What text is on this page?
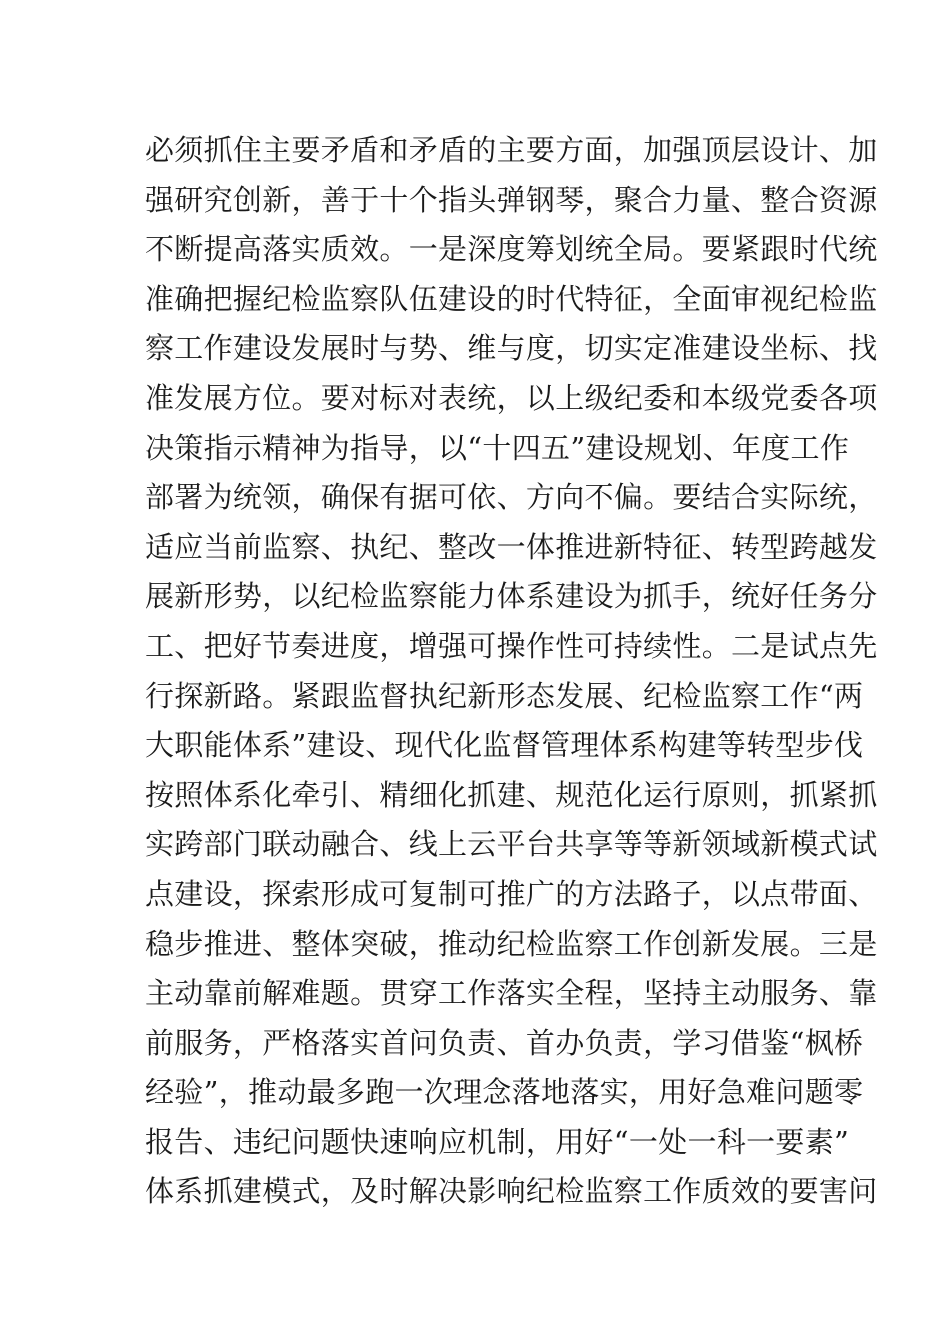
必须抓住主要矛盾和矛盾的主要方面，加强顶层设计、加
强研究创新，善于十个指头弹钢琴，聚合力量、整合资源
不断提高落实质效。一是深度筹划统全局。要紧跟时代统
准确把握纪检监察队伍建设的时代特征，全面审视纪检监
察工作建设发展时与势、维与度，切实定准建设坐标、找
准发展方位。要对标对表统，以上级纪委和本级党委各项
决策指示精神为指导，以“十四五”建设规划、年度工作
部署为统领，确保有据可依、方向不偏。要结合实际统，
适应当前监察、执纪、整改一体推进新特征、转型跨越发
展新形势，以纪检监察能力体系建设为抓手，统好任务分
工、把好节奏进度，增强可操作性可持续性。二是试点先
行探新路。紧跟监督执纪新形态发展、纪检监察工作“两
大职能体系”建设、现代化监督管理体系构建等转型步伐
按照体系化牵引、精细化抓建、规范化运行原则，抓紧抓
实跨部门联动融合、线上云平台共享等等新领域新模式试
点建设，探索形成可复制可推广的方法路子，以点带面、
稳步推进、整体突破，推动纪检监察工作创新发展。三是
主动靠前解难题。贯穿工作落实全程，坚持主动服务、靠
前服务，严格落实首问负责、首办负责，学习借鉴“枫桥
经验”，推动最多跑一次理念落地落实，用好急难问题零
报告、违纪问题快速响应机制，用好“一处一科一要素”
体系抓建模式，及时解决影响纪检监察工作质效的要害问
